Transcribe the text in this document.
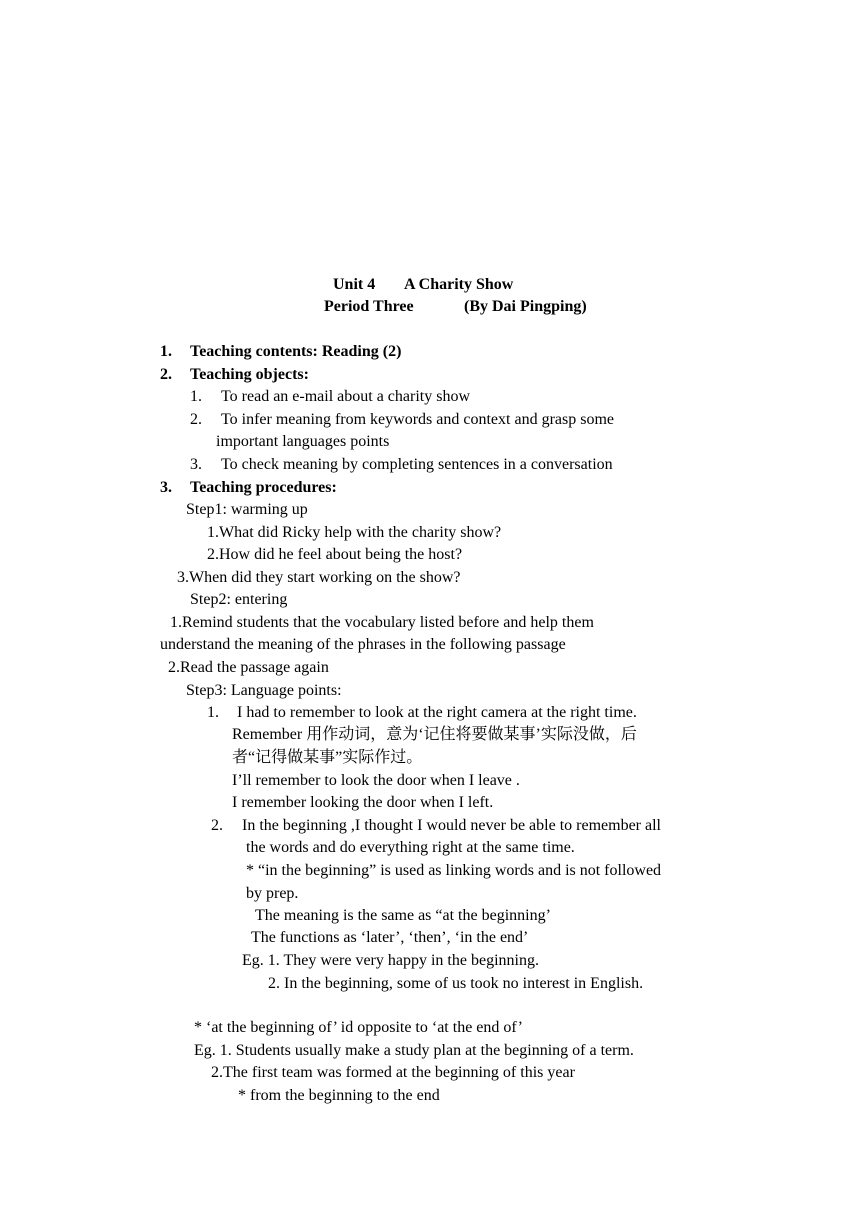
Unit 4 A Charity Show
Period Three	(By Dai Pingping)
1. Teaching contents: Reading (2)
2. Teaching objects:
1. To read an e-mail about a charity show
2. To infer meaning from keywords and context and grasp some
important languages points
3. To check meaning by completing sentences in a conversation
3. Teaching procedures:
Step1: warming up
1.What did Ricky help with the charity show?
2.How did he feel about being the host?
3.When did they start working on the show?
Step2: entering
1.Remind students that the vocabulary listed before and help them
understand the meaning of the phrases in the following passage
2.Read the passage again
Step3: Language points:
1. I had to remember to look at the right camera at the right time.
Remember 用作动词，意为‘记住将要做某事’实际没做，后
者“记得做某事”实际作过。
I’ll remember to look the door when I leave .
I remember looking the door when I left.
2. In the beginning ,I thought I would never be able to remember all
the words and do everything right at the same time.
* “in the beginning” is used as linking words and is not followed
by prep.
The meaning is the same as “at the beginning’
The functions as ‘later’, ‘then’, ‘in the end’
Eg. 1. They were very happy in the beginning.
2. In the beginning, some of us took no interest in English.
* ‘at the beginning of’ id opposite to ‘at the end of’
Eg. 1. Students usually make a study plan at the beginning of a term.
2.The first team was formed at the beginning of this year
* from the beginning to the end
